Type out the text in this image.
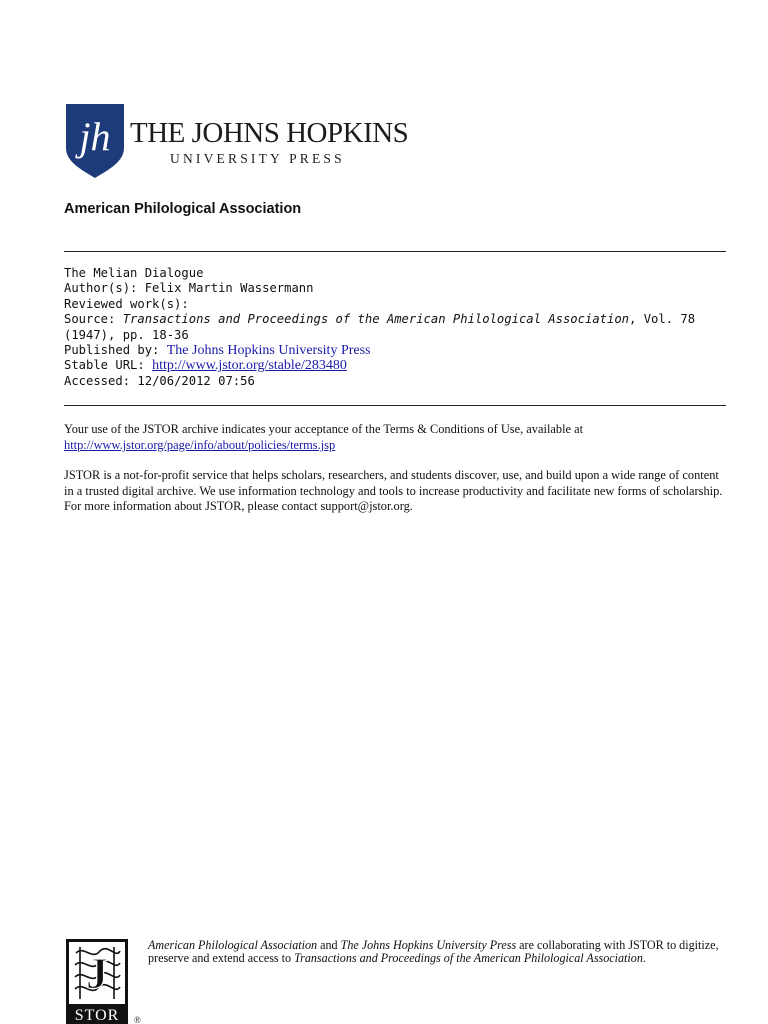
jh THE JOHNS HOPKINS
UNIVERSITY PRESS
American Philological Association
The Melian Dialogue
Author(s): Felix Martin Wassermann
Reviewed work(s):
Source: Transactions and Proceedings of the American Philological Association, Vol. 78 (1947), pp. 18-36
Published by: The Johns Hopkins University Press
Stable URL: http://www.jstor.org/stable/283480
Accessed: 12/06/2012 07:56
Your use of the JSTOR archive indicates your acceptance of the Terms & Conditions of Use, available at
http://www.jstor.org/page/info/about/policies/terms.jsp
JSTOR is a not-for-profit service that helps scholars, researchers, and students discover, use, and build upon a wide range of content in a trusted digital archive. We use information technology and tools to increase productivity and facilitate new forms of scholarship. For more information about JSTOR, please contact support@jstor.org.
J
STOR ®
American Philological Association and The Johns Hopkins University Press are collaborating with JSTOR to digitize, preserve and extend access to Transactions and Proceedings of the American Philological Association.
